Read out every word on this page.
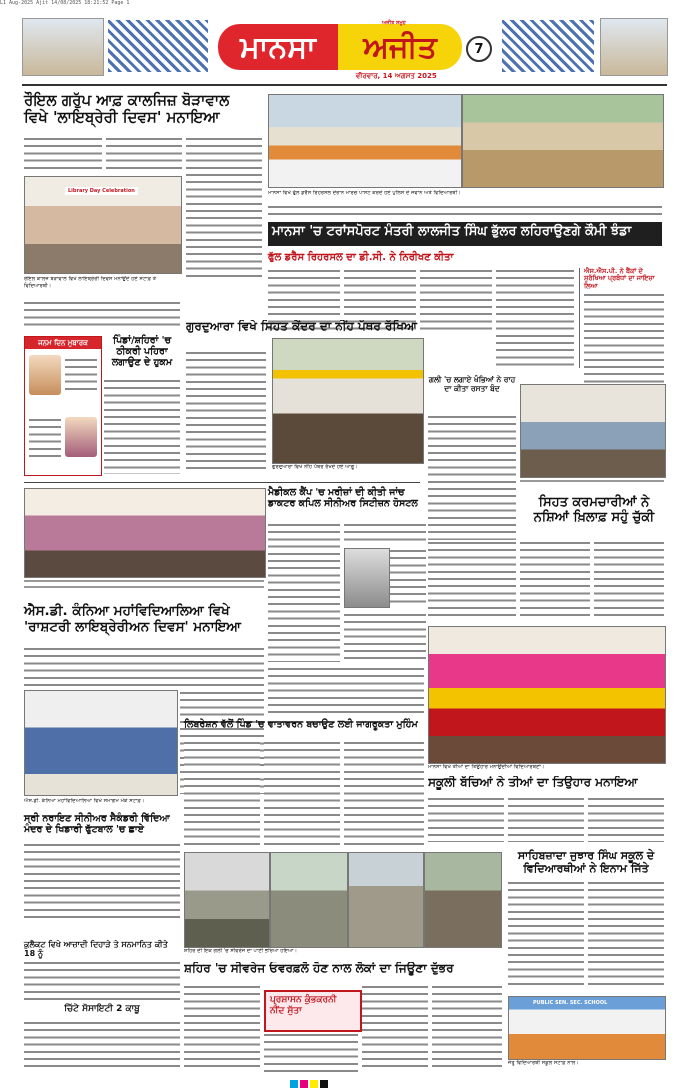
L1 Aug-2025 Ajit 14/08/2025 18:21:52 Page 1
ਮਾਨਸਾ	ਅਜੀਤ
ਅਜੀਤ ਸਮੂਹ
ਵੀਰਵਾਰ, 14 ਅਗਸਤ 2025
7
ਰੌਇਲ ਗਰੁੱਪ ਆਫ਼ ਕਾਲਜਿਜ਼ ਬੋੜਾਵਾਲ
ਵਿਖੇ 'ਲਾਇਬ੍ਰੇਰੀ ਦਿਵਸ' ਮਨਾਇਆ
Library Day Celebration
ਰੌਇਲ ਕਾਲਜ ਬੋੜਾਵਾਲ ਵਿਖੇ ਲਾਇਬ੍ਰੇਰੀ ਦਿਵਸ ਮਨਾਉਂਦੇ ਹੋਏ ਸਟਾਫ਼ ਤੇ ਵਿਦਿਆਰਥੀ।
ਮਾਨਸਾ ਵਿਖੇ ਫੁੱਲ ਡਰੈੱਸ ਰਿਹਰਸਲ ਦੌਰਾਨ ਮਾਰਚ ਪਾਸਟ ਕਰਦੇ ਹੋਏ ਪੁਲਿਸ ਦੇ ਜਵਾਨ ਅਤੇ ਵਿਦਿਆਰਥੀ।
ਮਾਨਸਾ 'ਚ ਟਰਾਂਸਪੋਰਟ ਮੰਤਰੀ ਲਾਲਜੀਤ ਸਿੰਘ ਭੁੱਲਰ ਲਹਿਰਾਉਣਗੇ ਕੌਮੀ ਝੰਡਾ
ਫੁੱਲ ਡਰੈੱਸ ਰਿਹਰਸਲ ਦਾ ਡੀ.ਸੀ. ਨੇ ਨਿਰੀਖਣ ਕੀਤਾ
ਐਸ.ਐਸ.ਪੀ. ਨੇ ਬੈਂਕਾਂ ਦੇ ਸੁਰੱਖਿਆ ਪ੍ਰਬੰਧਾਂ ਦਾ ਜਾਇਜ਼ਾ ਲਿਆ
ਜਨਮ ਦਿਨ ਮੁਬਾਰਕ	ਪਿੰਡਾਂ/ਸ਼ਹਿਰਾਂ 'ਚ ਠੀਕਰੀ ਪਹਿਰਾ ਲਗਾਉਣ ਦੇ ਹੁਕਮ
ਗੁਰਦੁਆਰਾ ਵਿਖੇ ਸਿਹਤ ਕੇਂਦਰ ਦਾ ਨੀਂਹ ਪੱਥਰ ਰੱਖਿਆ
ਗੁਰਦੁਆਰਾ ਵਿਖੇ ਨੀਂਹ ਪੱਥਰ ਰੱਖਦੇ ਹੋਏ ਆਗੂ।
ਗਲੀ 'ਚ ਲਗਾਏ ਖੰਭਿਆਂ ਨੇ ਰਾਹ ਦਾ ਕੀਤਾ ਰਸਤਾ ਬੰਦ
ਮੈਡੀਕਲ ਕੈਂਪ 'ਚ ਮਰੀਜ਼ਾਂ ਦੀ ਕੀਤੀ ਜਾਂਚ
ਡਾਕਟਰ ਕਪਿਲ ਸੀਨੀਅਰ ਸਿਟੀਜ਼ਨ ਹੋਸਟਲ	ਸਿਹਤ ਕਰਮਚਾਰੀਆਂ ਨੇ
ਨਸ਼ਿਆਂ ਖ਼ਿਲਾਫ਼ ਸਹੁੰ ਚੁੱਕੀ
ਐਸ.ਡੀ. ਕੰਨਿਆ ਮਹਾਂਵਿਦਿਆਲਿਆ ਵਿਖੇ
'ਰਾਸ਼ਟਰੀ ਲਾਇਬ੍ਰੇਰੀਅਨ ਦਿਵਸ' ਮਨਾਇਆ
ਐਸ.ਡੀ. ਕੰਨਿਆ ਮਹਾਂਵਿਦਿਆਲਿਆ ਵਿਖੇ ਸਮਾਗਮ ਮੌਕੇ ਸਟਾਫ਼।
ਮਾਨਸਾ ਵਿਖੇ ਤੀਆਂ ਦਾ ਤਿਉਹਾਰ ਮਨਾਉਂਦੀਆਂ ਵਿਦਿਆਰਥਣਾਂ।
ਲਿਬਰੇਸ਼ਨ ਵੱਲੋਂ ਪਿੰਡ 'ਚ ਵਾਤਾਵਰਨ ਬਚਾਉਣ ਲਈ ਜਾਗਰੂਕਤਾ ਮੁਹਿੰਮ
ਸਕੂਲੀ ਬੱਚਿਆਂ ਨੇ ਤੀਆਂ ਦਾ ਤਿਉਹਾਰ ਮਨਾਇਆ
ਸ੍ਰੀ ਨਰਾਇਣ ਸੀਨੀਅਰ ਸੈਕੰਡਰੀ ਵਿੱਦਿਆ
ਮੰਦਰ ਦੇ ਖਿਡਾਰੀ ਫੁੱਟਬਾਲ 'ਚ ਛਾਏ
ਸ਼ਹਿਰ ਦੀ ਇਕ ਗਲੀ 'ਚ ਸੀਵਰੇਜ ਦਾ ਪਾਣੀ ਭਰਿਆ ਹੋਇਆ।
ਸਾਹਿਬਜ਼ਾਦਾ ਜੁਝਾਰ ਸਿੰਘ ਸਕੂਲ ਦੇ
ਵਿਦਿਆਰਥੀਆਂ ਨੇ ਇਨਾਮ ਜਿੱਤੇ
PUBLIC SEN. SEC. SCHOOL
ਜੇਤੂ ਵਿਦਿਆਰਥੀ ਸਕੂਲ ਸਟਾਫ਼ ਨਾਲ।
ਕੁਲੈਕਟ ਵਿਖੇ ਆਜ਼ਾਦੀ ਦਿਹਾੜੇ ਤੇ ਸਨਮਾਨਿਤ ਕੀਤੇ 18 ਨੂੰ
ਚਿੱਟੇ ਸੋਸਾਇਟੀ 2 ਕਾਬੂ
ਸ਼ਹਿਰ 'ਚ ਸੀਵਰੇਜ ਓਵਰਫ਼ਲੋ ਹੋਣ ਨਾਲ ਲੋਕਾਂ ਦਾ ਜਿਊਣਾ ਦੁੱਭਰ
ਪ੍ਰਸ਼ਾਸਨ ਕੁੰਭਕਰਨੀ
ਨੀਂਦ ਸੁੱਤਾ
